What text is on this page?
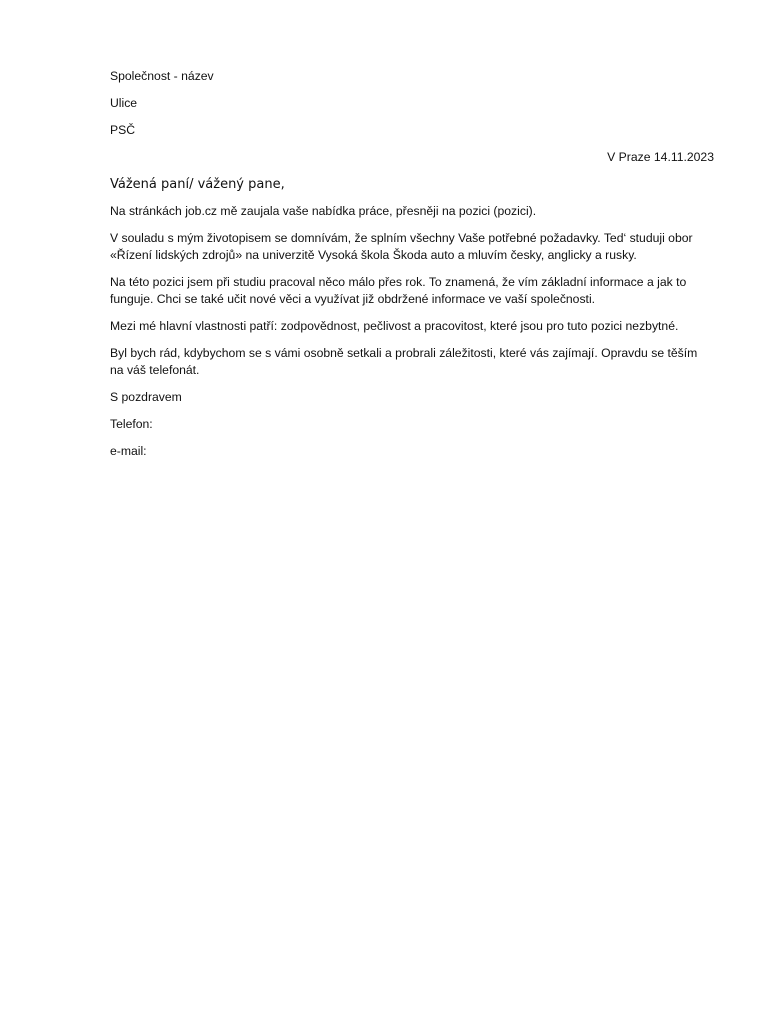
Společnost - název

Ulice

PSČ

V Praze 14.11.2023

Vážená paní/ vážený pane,

Na stránkách job.cz mě zaujala vaše nabídka práce, přesněji na pozici (pozici).

V souladu s mým životopisem se domnívám, že splním všechny Vaše potřebné požadavky. Ted‘ studuji obor «Řízení lidských zdrojů» na univerzitě Vysoká škola Škoda auto a mluvím česky, anglicky a rusky.

Na této pozici jsem při studiu pracoval něco málo přes rok. To znamená, že vím základní informace a jak to funguje. Chci se také učit nové věci a využívat již obdržené informace ve vaší společnosti.

Mezi mé hlavní vlastnosti patří: zodpovědnost, pečlivost a pracovitost, které jsou pro tuto pozici nezbytné.

Byl bych rád, kdybychom se s vámi osobně setkali a probrali záležitosti, které vás zajímají. Opravdu se těším na váš telefonát.

S pozdravem

Telefon:

e-mail:
